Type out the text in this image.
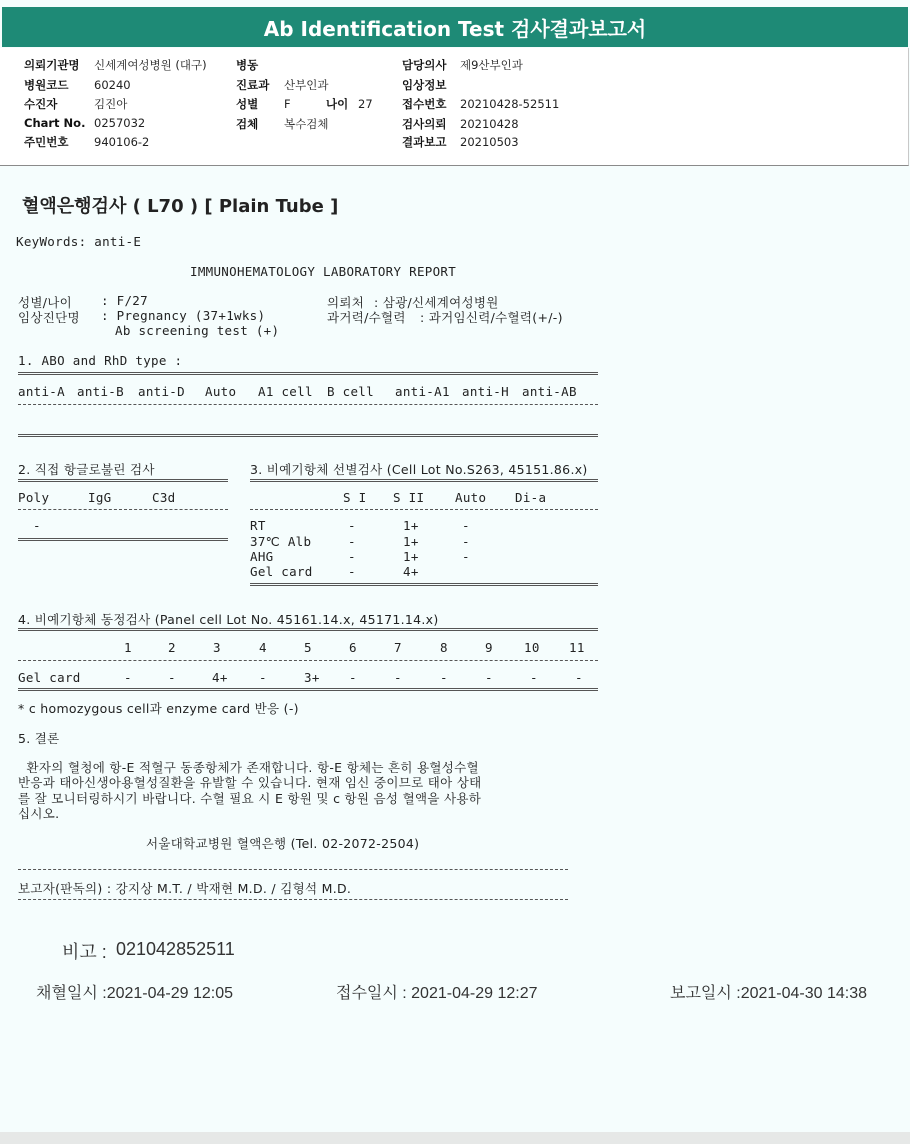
Ab Identification Test 검사결과보고서
의뢰기관명 신세계여성병원 (대구)
병원코드 60240
수진자	김진아
Chart No. 0257032
주민번호 940106-2
병동
진료과 산부인과
성별 F	나이 27
검체 복수검체
담당의사 제9산부인과
임상정보
접수번호 20210428-52511
검사의뢰 20210428
결과보고 20210503
혈액은행검사 ( L70 ) [ Plain Tube ]
KeyWords: anti-E
IMMUNOHEMATOLOGY LABORATORY REPORT
성별/나이 : F/27
임상진단명 : Pregnancy (37+1wks)
Ab screening test (+)
의뢰처 : 삼광/신세계여성병원
과거력/수혈력 : 과거임신력/수혈력(+/-)
1. ABO and RhD type :
anti-A anti-B anti-D Auto A1 cell B cell anti-A1 anti-H anti-AB
2. 직접 항글로불린 검사
Poly	IgG	C3d
-
3. 비예기항체 선별검사 (Cell Lot No.S263, 45151.86.x)
S I S II Auto Di-a
RT	-	1+	-
37℃ Alb	-	1+	-
AHG	-	1+	-
Gel card	-	4+
4. 비예기항체 동정검사 (Panel cell Lot No. 45161.14.x, 45171.14.x)
1	2	3	4	5	6	7	8	9 10 11
Gel card	-	-	4+	-	3+ -	-	-	-	-	-
* c homozygous cell과 enzyme card 반응 (-)
5. 결론
환자의 혈청에 항-E 적혈구 동종항체가 존재합니다. 항-E 항체는 흔히 용혈성수혈
반응과 태아신생아용혈성질환을 유발할 수 있습니다. 현재 임신 중이므로 태아 상태
를 잘 모니터링하시기 바랍니다. 수혈 필요 시 E 항원 및 c 항원 음성 혈액을 사용하
십시오.
서울대학교병원 혈액은행 (Tel. 02-2072-2504)
보고자(판독의) : 강지상 M.T. / 박재현 M.D. / 김형석 M.D.
비고 : 021042852511
채혈일시 :2021-04-29 12:05	접수일시 : 2021-04-29 12:27	보고일시 :2021-04-30 14:38
